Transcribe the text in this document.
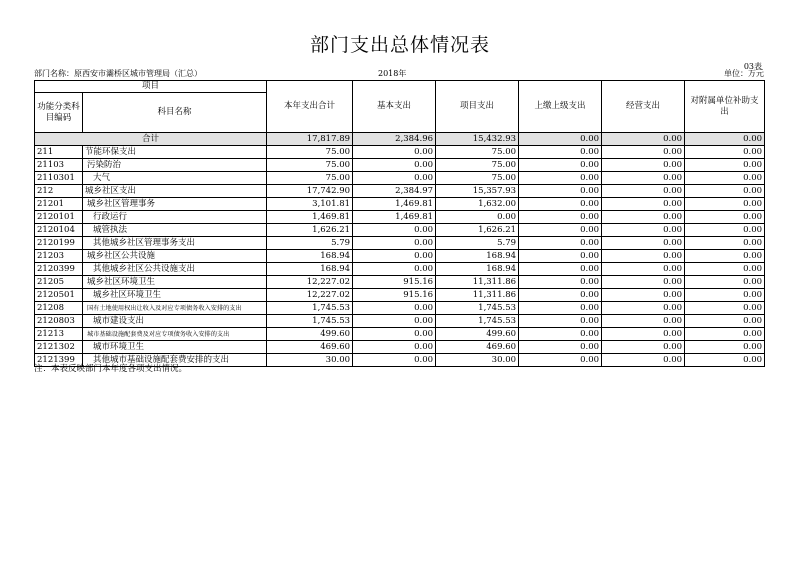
部门支出总体情况表
03表
部门名称：原西安市灞桥区城市管理局（汇总）	2018年	单位：万元
项目		本年支出合计	基本支出	项目支出	上缴上级支出	经营支出	对附属单位补助支出
功能分类科目编码	科目名称						
合计		17,817.89	2,384.96	15,432.93	0.00	0.00	0.00
211	节能环保支出	75.00	0.00	75.00	0.00	0.00	0.00
21103	污染防治	75.00	0.00	75.00	0.00	0.00	0.00
2110301	大气	75.00	0.00	75.00	0.00	0.00	0.00
212	城乡社区支出	17,742.90	2,384.97	15,357.93	0.00	0.00	0.00
21201	城乡社区管理事务	3,101.81	1,469.81	1,632.00	0.00	0.00	0.00
2120101	行政运行	1,469.81	1,469.81	0.00	0.00	0.00	0.00
2120104	城管执法	1,626.21	0.00	1,626.21	0.00	0.00	0.00
2120199	其他城乡社区管理事务支出	5.79	0.00	5.79	0.00	0.00	0.00
21203	城乡社区公共设施	168.94	0.00	168.94	0.00	0.00	0.00
2120399	其他城乡社区公共设施支出	168.94	0.00	168.94	0.00	0.00	0.00
21205	城乡社区环境卫生	12,227.02	915.16	11,311.86	0.00	0.00	0.00
2120501	城乡社区环境卫生	12,227.02	915.16	11,311.86	0.00	0.00	0.00
21208	国有土地使用权出让收入及对应专项债务收入安排的支出	1,745.53	0.00	1,745.53	0.00	0.00	0.00
2120803	城市建设支出	1,745.53	0.00	1,745.53	0.00	0.00	0.00
21213	城市基础设施配套费及对应专项债务收入安排的支出	499.60	0.00	499.60	0.00	0.00	0.00
2121302	城市环境卫生	469.60	0.00	469.60	0.00	0.00	0.00
2121399	其他城市基础设施配套费安排的支出	30.00	0.00	30.00	0.00	0.00	0.00
注：本表反映部门本年度各项支出情况。
